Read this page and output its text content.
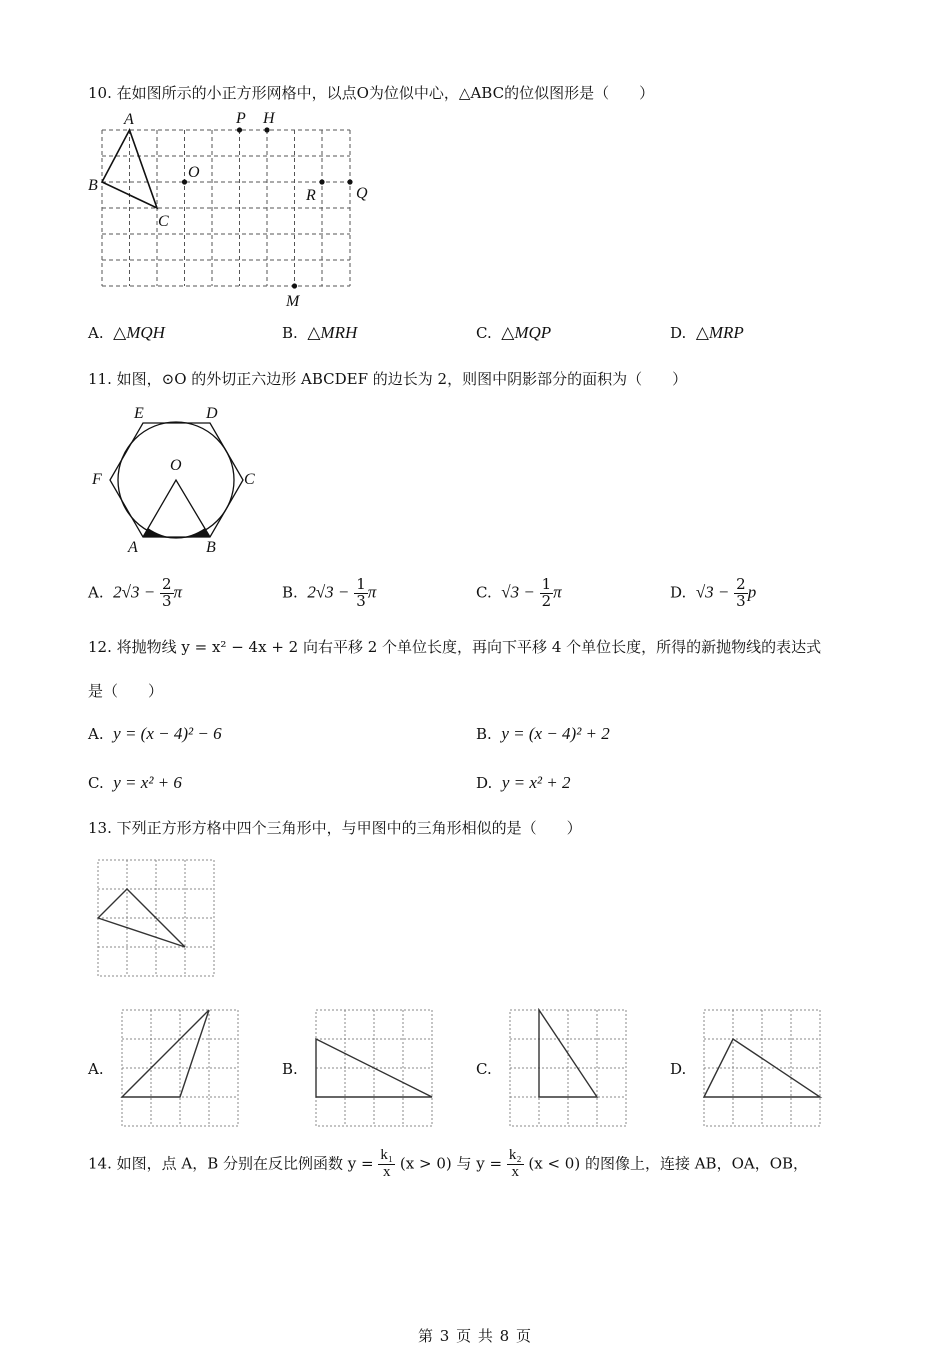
10. 在如图所示的小正方形网格中，以点O为位似中心，△ABC的位似图形是（　　）
A
B
C
O
P H
R	Q
M
A. △MQH	B. △MRH	C. △MQP	D. △MRP
11. 如图，⊙O 的外切正六边形 ABCDEF 的边长为 2，则图中阴影部分的面积为（　　）
E	D
F	C
O
A	B
A. $2√3 - \frac{2}{3}$ π	B. $2√3 - \frac{1}{3}$ π	C. $√3 - \frac{1}{2}$ π	D. $√3 - \frac{2}{3}$ p
12. 将抛物线 y = x² − 4x + 2 向右平移 2 个单位长度，再向下平移 4 个单位长度，所得的新抛物线的表达式
是（　　）
A. y = (x − 4)² − 6	B. y = (x − 4)² + 2
C. y = x² + 6	D. y = x² + 2
13. 下列正方形方格中四个三角形中，与甲图中的三角形相似的是（　　）
A.	B.	C.	D.
14. 如图，点 A，B 分别在反比例函数 $y = \frac{\text{k₁}}{x} (x > 0)$ 与 $y = \frac{\text{k₂}}{x} (x < 0)$ 的图像上，连接 AB，OA，OB，
第 3 页 共 8 页
